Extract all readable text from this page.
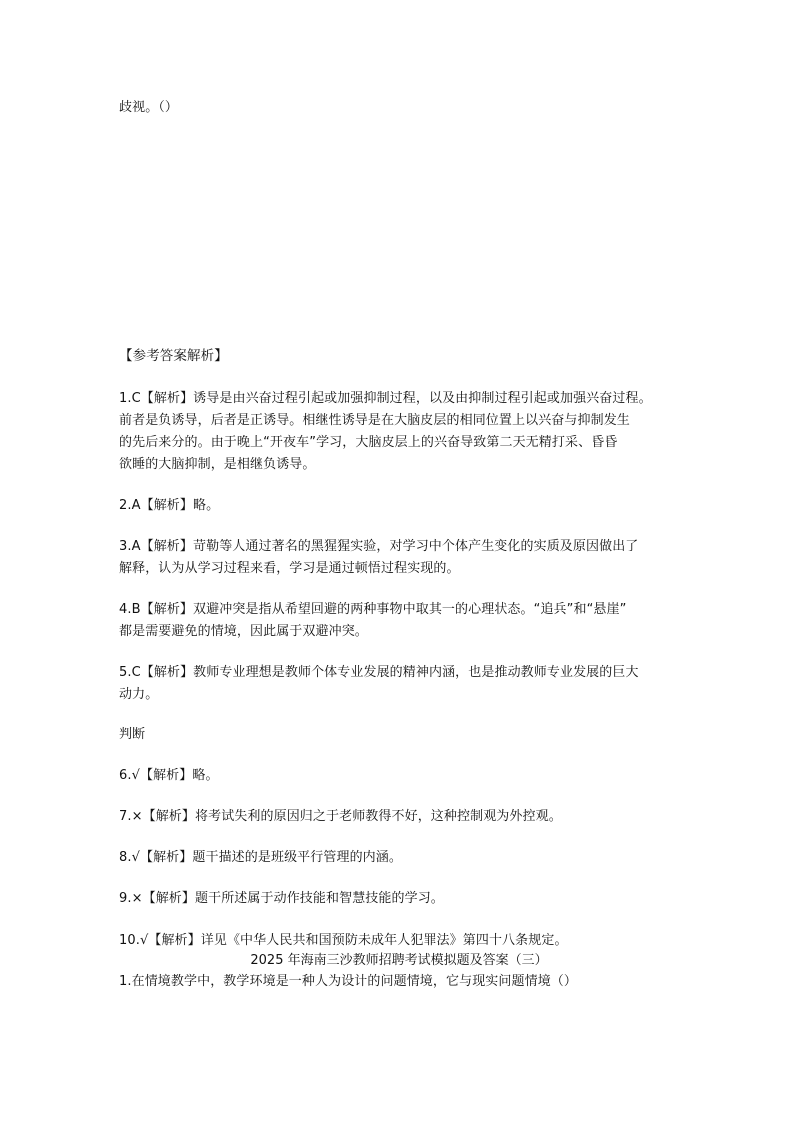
歧视。（）
【参考答案解析】
1.C【解析】诱导是由兴奋过程引起或加强抑制过程，以及由抑制过程引起或加强兴奋过程。
前者是负诱导，后者是正诱导。相继性诱导是在大脑皮层的相同位置上以兴奋与抑制发生
的先后来分的。由于晚上“开夜车”学习，大脑皮层上的兴奋导致第二天无精打采、昏昏
欲睡的大脑抑制，是相继负诱导。
2.A【解析】略。
3.A【解析】苛勒等人通过著名的黑猩猩实验，对学习中个体产生变化的实质及原因做出了
解释，认为从学习过程来看，学习是通过顿悟过程实现的。
4.B【解析】双避冲突是指从希望回避的两种事物中取其一的心理状态。“追兵”和“悬崖”
都是需要避免的情境，因此属于双避冲突。
5.C【解析】教师专业理想是教师个体专业发展的精神内涵，也是推动教师专业发展的巨大
动力。
判断
6.√【解析】略。
7.×【解析】将考试失利的原因归之于老师教得不好，这种控制观为外控观。
8.√【解析】题干描述的是班级平行管理的内涵。
9.×【解析】题干所述属于动作技能和智慧技能的学习。
10.√【解析】详见《中华人民共和国预防未成年人犯罪法》第四十八条规定。
2025 年海南三沙教师招聘考试模拟题及答案（三）
1.在情境教学中，教学环境是一种人为设计的问题情境，它与现实问题情境（）
